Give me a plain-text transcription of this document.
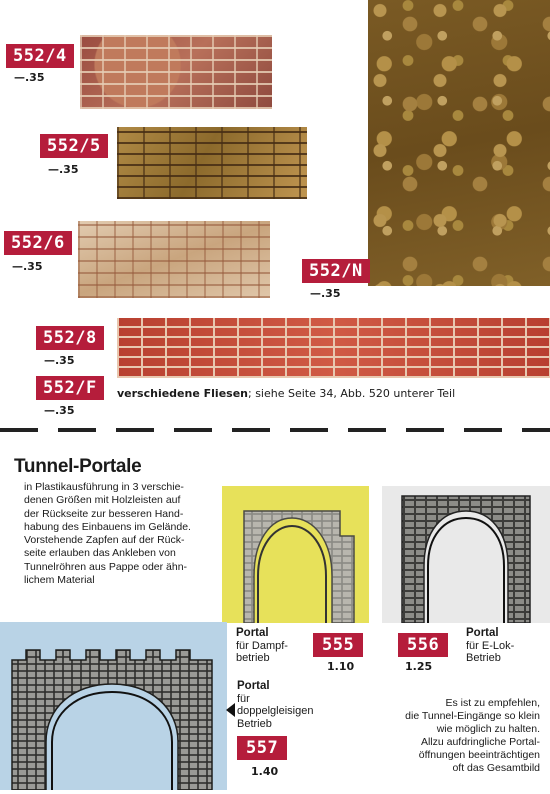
552/4
—.35
552/5
—.35
552/6
—.35	552/N
—.35
552/8
—.35
552/F
—.35
verschiedene Fliesen; siehe Seite 34, Abb. 520 unterer Teil
Tunnel-Portale
in Plastikausführung in 3 verschie-
denen Größen mit Holzleisten auf
der Rückseite zur besseren Hand-
habung des Einbauens im Gelände.
Vorstehende Zapfen auf der Rück-
seite erlauben das Ankleben von
Tunnelröhren aus Pappe oder ähn-
lichem Material
Portal
für Dampf-
betrieb
555
1.10
556
1.25
Portal
für E-Lok-
Betrieb
Portal
für
doppelgleisigen
Betrieb
557
1.40
Es ist zu empfehlen,
die Tunnel-Eingänge so klein
wie möglich zu halten.
Allzu aufdringliche Portal-
öffnungen beeinträchtigen
oft das Gesamtbild
